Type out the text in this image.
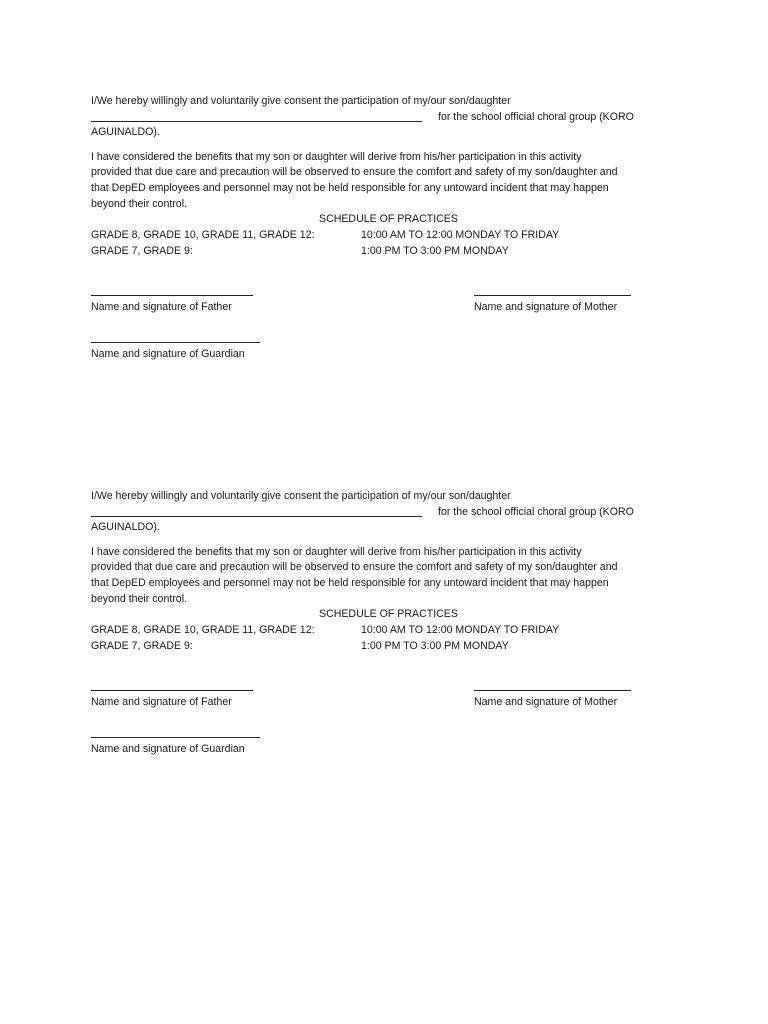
I/We hereby willingly and voluntarily give consent the participation of my/our son/daughter

for the school official choral group (KORO

AGUINALDO).

I have considered the benefits that my son or daughter will derive from his/her participation in this activity

provided that due care and precaution will be observed to ensure the comfort and safety of my son/daughter and

that DepED employees and personnel may not be held responsible for any untoward incident that may happen

beyond their control.

SCHEDULE OF PRACTICES

GRADE 8, GRADE 10, GRADE 11, GRADE 12:	10:00 AM TO 12:00 MONDAY TO FRIDAY
GRADE 7, GRADE 9:	1:00 PM TO 3:00 PM MONDAY
Name and signature of Father	Name and signature of Mother
Name and signature of Guardian

I/We hereby willingly and voluntarily give consent the participation of my/our son/daughter

for the school official choral group (KORO

AGUINALDO).

I have considered the benefits that my son or daughter will derive from his/her participation in this activity

provided that due care and precaution will be observed to ensure the comfort and safety of my son/daughter and

that DepED employees and personnel may not be held responsible for any untoward incident that may happen

beyond their control.

SCHEDULE OF PRACTICES

GRADE 8, GRADE 10, GRADE 11, GRADE 12:	10:00 AM TO 12:00 MONDAY TO FRIDAY
GRADE 7, GRADE 9:	1:00 PM TO 3:00 PM MONDAY
Name and signature of Father	Name and signature of Mother
Name and signature of Guardian
